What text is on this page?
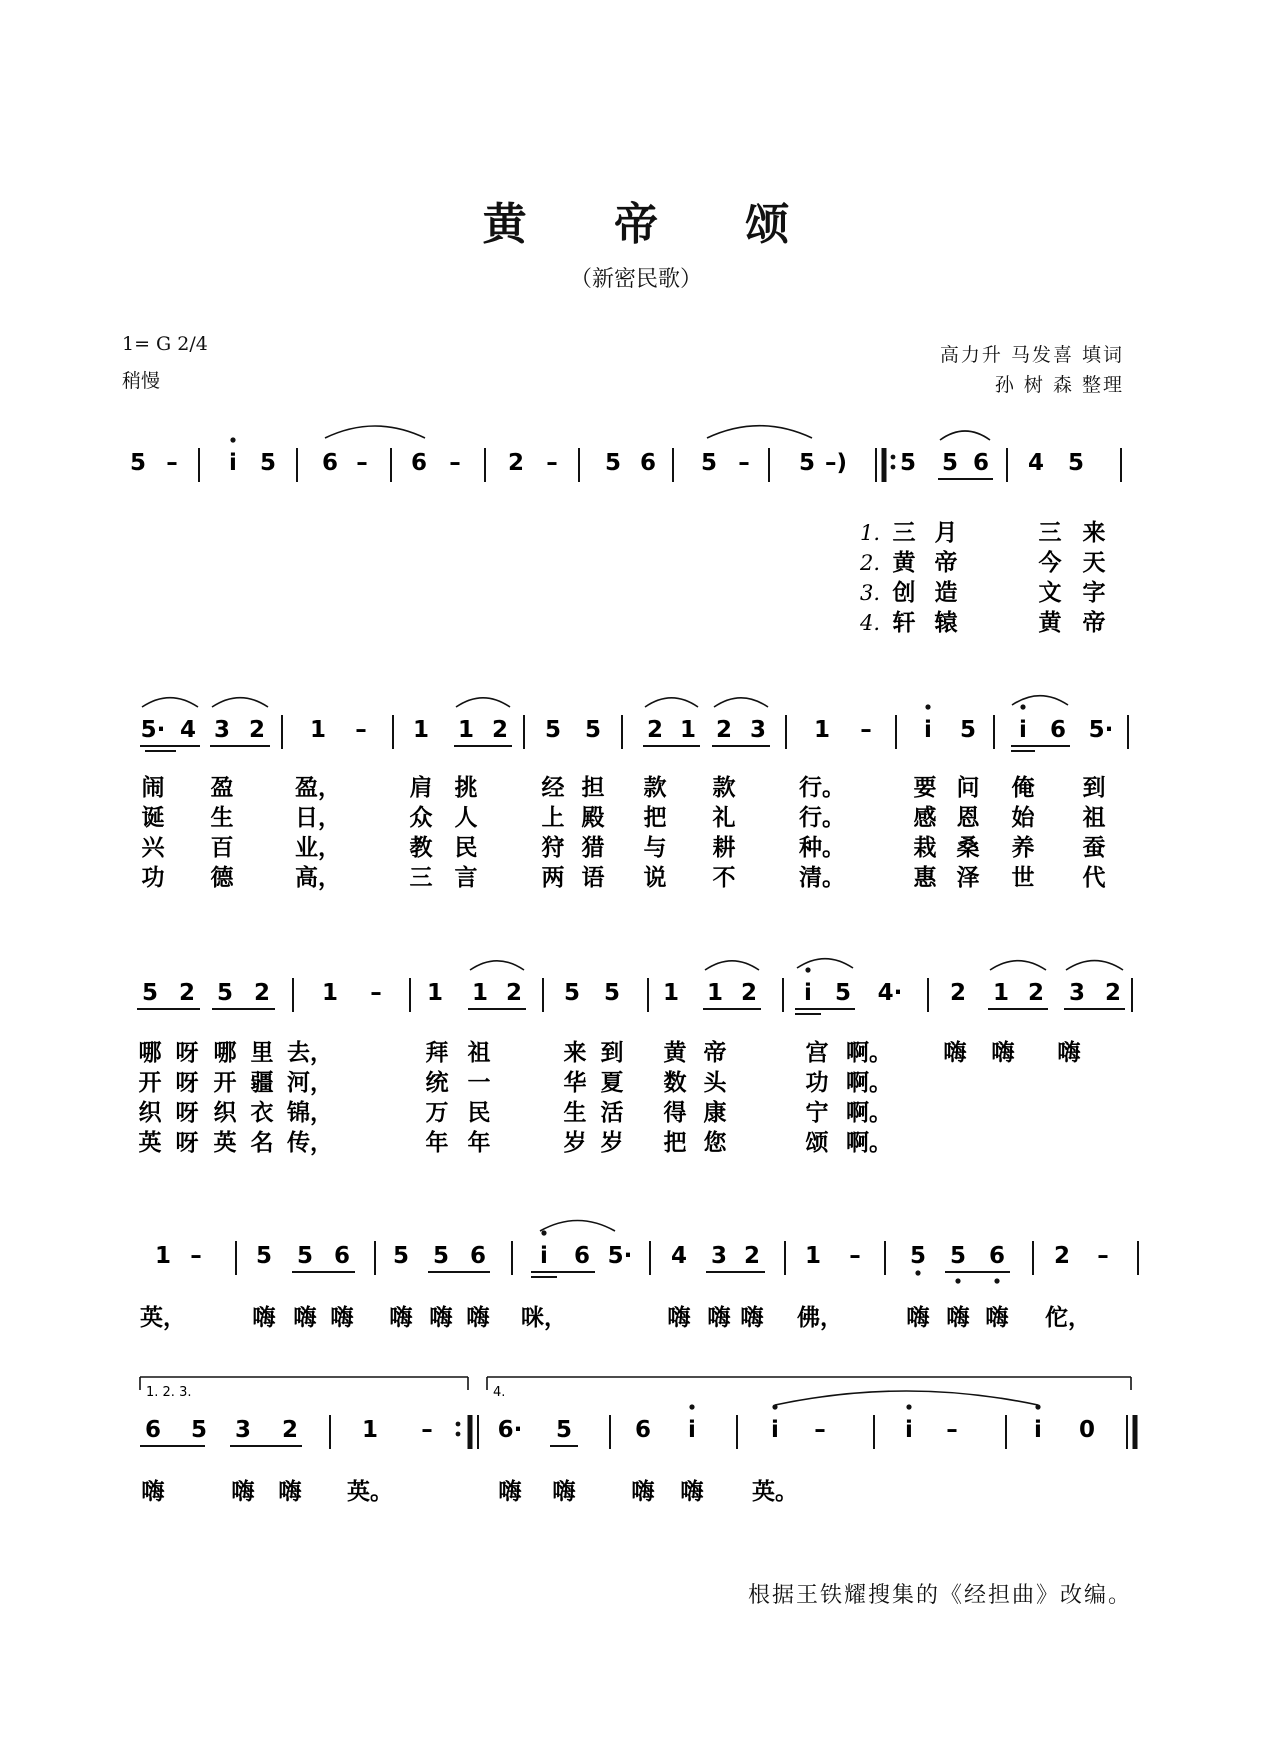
黄 帝 颂
（新密民歌）
1= G 2/4
稍慢
高力升 马发喜 填词
孙 树 森 整理
5 – i 5 6 – 6 – 2 – 5 6 5 – 5 –)	5 6 4 5
5
1. 三 月	三 来
2. 黄 帝	今 天
3. 创 造	文 字
4. 轩 辕	黄 帝
5· 4 3 2 1 – 1 1 2 5 5 2 1 2 3 1 – i 5 i 6 5·
闹 盈	盈，	肩 挑	经 担 款 款	行。	要 问 俺 到
诞 生	日，	众 人	上 殿 把 礼	行。	感 恩 始 祖
兴 百	业，	教 民	狩 猎 与 耕	种。	栽 桑 养 蚕
功 德	高，	三 言	两 语 说 不	清。	惠 泽 世 代
5 2 5 2 1 – 1 1 2 5 5 1 1 2 i 5 4· 2 1 2 3 2
哪 呀 哪 里 去，	拜 祖	来 到 黄 帝	宫 啊。 嗨 嗨 嗨
开 呀 开 疆 河，	统 一	华 夏 数 头	功 啊。
织 呀 织 衣 锦，	万 民	生 活 得 康	宁 啊。
英 呀 英 名 传，	年 年	岁 岁 把 您	颂 啊。
1 – 5 5 6 5 5 6 i 6 5· 4 3 2 1 – 5 5 6 2 –
英，	嗨 嗨 嗨 嗨 嗨 嗨 咪，	嗨 嗨 嗨 佛，	嗨 嗨 嗨 佗，
6 5 3 2	1 –	6· 5	6 i	i –	i –	i 0
1. 2. 3.	4.
嗨	嗨 嗨 英。	嗨 嗨 嗨 嗨 英。
根据王铁耀搜集的《经担曲》改编。
